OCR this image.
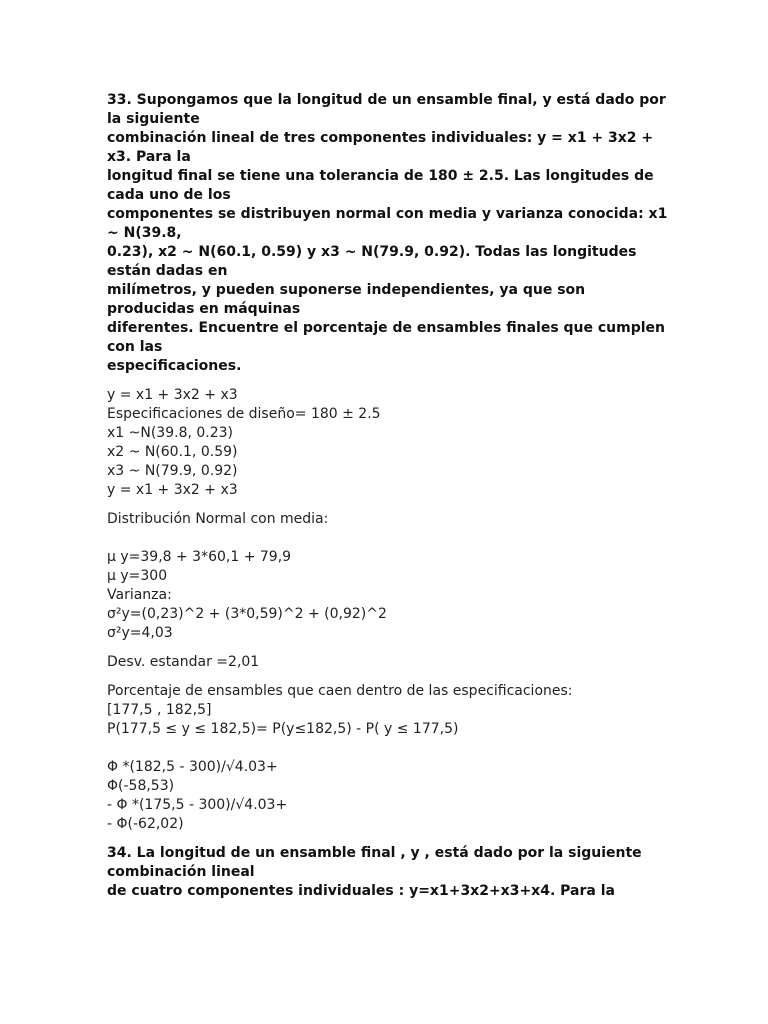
33. Supongamos que la longitud de un ensamble final, y está dado por
la siguiente
combinación lineal de tres componentes individuales: y = x1 + 3x2 +
x3. Para la
longitud final se tiene una tolerancia de 180 ± 2.5. Las longitudes de
cada uno de los
componentes se distribuyen normal con media y varianza conocida: x1
~ N(39.8,
0.23), x2 ~ N(60.1, 0.59) y x3 ~ N(79.9, 0.92). Todas las longitudes
están dadas en
milímetros, y pueden suponerse independientes, ya que son
producidas en máquinas
diferentes. Encuentre el porcentaje de ensambles finales que cumplen
con las
especificaciones.
y = x1 + 3x2 + x3
Especificaciones de diseño= 180 ± 2.5
x1 ~N(39.8, 0.23)
x2 ~ N(60.1, 0.59)
x3 ~ N(79.9, 0.92)
y = x1 + 3x2 + x3
Distribución Normal con media:
μ y=39,8 + 3*60,1 + 79,9
μ y=300
Varianza:
σ²y=(0,23)^2 + (3*0,59)^2 + (0,92)^2
σ²y=4,03
Desv. estandar =2,01
Porcentaje de ensambles que caen dentro de las especificaciones:
[177,5 , 182,5]
P(177,5 ≤ y ≤ 182,5)= P(y≤182,5) - P( y ≤ 177,5)
Φ *(182,5 - 300)/√4.03+
Φ(-58,53)
- Φ *(175,5 - 300)/√4.03+
- Φ(-62,02)
34. La longitud de un ensamble final , y , está dado por la siguiente
combinación lineal
de cuatro componentes individuales : y=x1+3x2+x3+x4. Para la
